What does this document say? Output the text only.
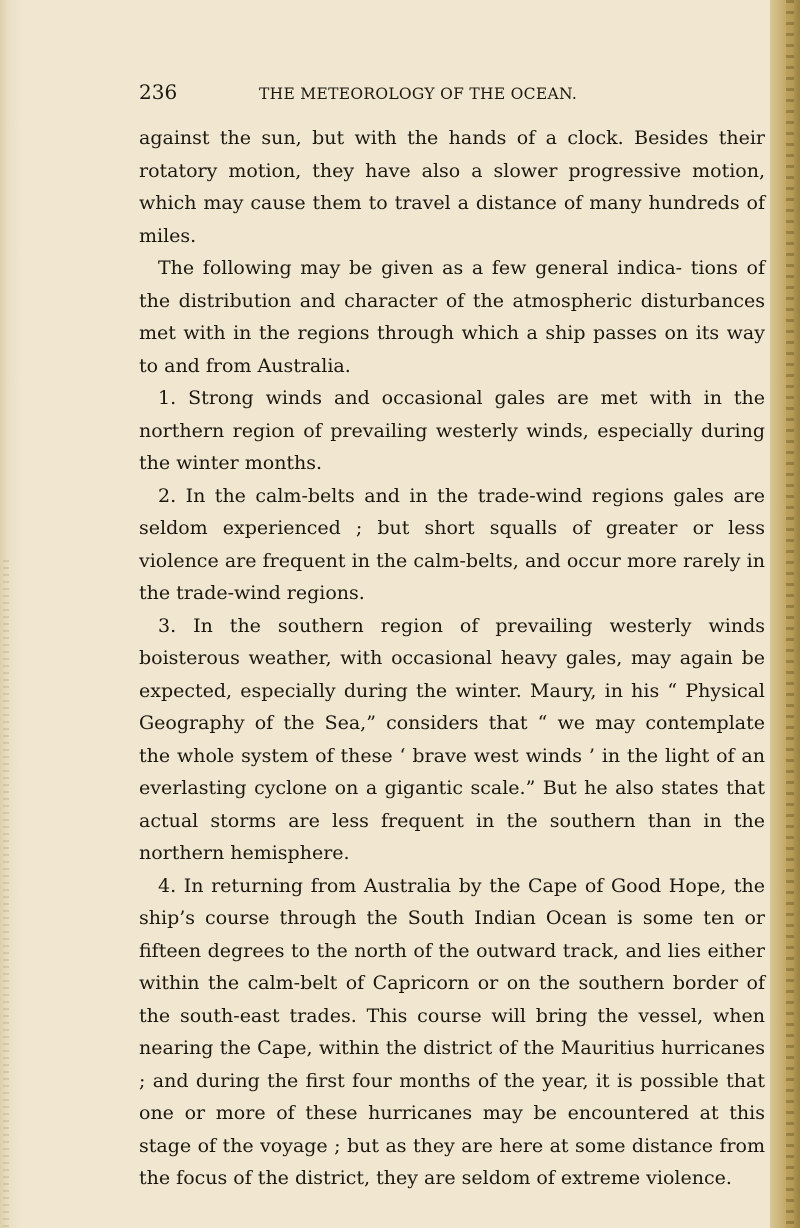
236	THE METEOROLOGY OF THE OCEAN.

against the sun, but with the hands of a clock. Besides their rotatory motion, they have also a slower progressive motion, which may cause them to travel a distance of many hundreds of miles.

The following may be given as a few general indica- tions of the distribution and character of the atmospheric disturbances met with in the regions through which a ship passes on its way to and from Australia.

1. Strong winds and occasional gales are met with in the northern region of prevailing westerly winds, especially during the winter months.

2. In the calm-belts and in the trade-wind regions gales are seldom experienced ; but short squalls of greater or less violence are frequent in the calm-belts, and occur more rarely in the trade-wind regions.

3. In the southern region of prevailing westerly winds boisterous weather, with occasional heavy gales, may again be expected, especially during the winter. Maury, in his “ Physical Geography of the Sea,” considers that “ we may contemplate the whole system of these ‘ brave west winds ’ in the light of an everlasting cyclone on a gigantic scale.” But he also states that actual storms are less frequent in the southern than in the northern hemisphere.

4. In returning from Australia by the Cape of Good Hope, the ship’s course through the South Indian Ocean is some ten or fifteen degrees to the north of the outward track, and lies either within the calm-belt of Capricorn or on the southern border of the south-east trades. This course will bring the vessel, when nearing the Cape, within the district of the Mauritius hurricanes ; and during the first four months of the year, it is possible that one or more of these hurricanes may be encountered at this stage of the voyage ; but as they are here at some distance from the focus of the district, they are seldom of extreme violence.
